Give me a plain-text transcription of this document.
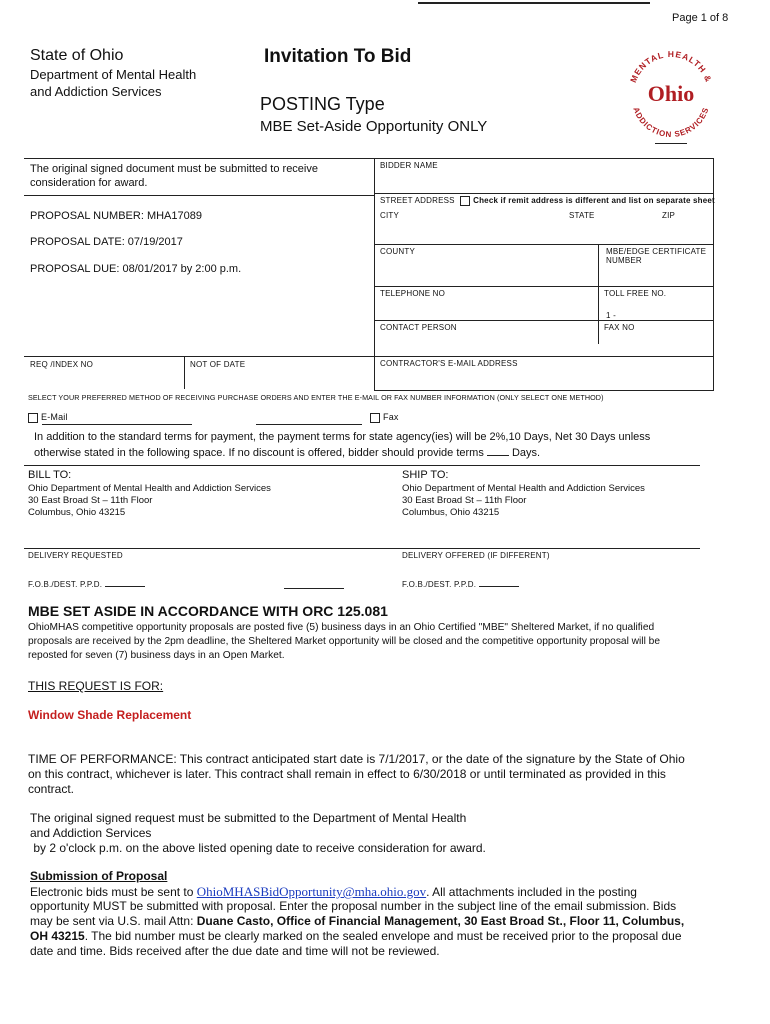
Page 1 of 8
State of Ohio
Department of Mental Health
and Addiction Services
Invitation To Bid
POSTING Type
MBE Set-Aside Opportunity ONLY
MENTAL HEALTH &
ADDICTION SERVICES
Ohio
The original signed document must be submitted to receive
consideration for award.
PROPOSAL NUMBER: MHA17089
PROPOSAL DATE: 07/19/2017
PROPOSAL DUE: 08/01/2017 by 2:00 p.m.
REQ /INDEX NO	NOT OF DATE
BIDDER NAME
STREET ADDRESS Check if remit address is different and list on separate sheet
CITY	STATE	ZIP
COUNTY	MBE/EDGE CERTIFICATE
NUMBER
TELEPHONE NO	TOLL FREE NO.
1 -
CONTACT PERSON	FAX NO
CONTRACTOR'S E-MAIL ADDRESS
SELECT YOUR PREFERRED METHOD OF RECEIVING PURCHASE ORDERS AND ENTER THE E-MAIL OR FAX NUMBER INFORMATION (ONLY SELECT ONE METHOD)
E-Mail	Fax
In addition to the standard terms for payment, the payment terms for state agency(ies) will be 2%,10 Days, Net 30 Days unless
otherwise stated in the following space. If no discount is offered, bidder should provide terms	Days.
BILL TO:
Ohio Department of Mental Health and Addiction Services
30 East Broad St – 11th Floor
Columbus, Ohio 43215
SHIP TO:
Ohio Department of Mental Health and Addiction Services
30 East Broad St – 11th Floor
Columbus, Ohio 43215
DELIVERY REQUESTED	DELIVERY OFFERED (IF DIFFERENT)
F.O.B./DEST. P.P.D.	F.O.B./DEST. P.P.D.
MBE SET ASIDE IN ACCORDANCE WITH ORC 125.081
OhioMHAS competitive opportunity proposals are posted five (5) business days in an Ohio Certified "MBE" Sheltered Market, if no qualified
proposals are received by the 2pm deadline, the Sheltered Market opportunity will be closed and the competitive opportunity proposal will be
reposted for seven (7) business days in an Open Market.
THIS REQUEST IS FOR:
Window Shade Replacement
TIME OF PERFORMANCE: This contract anticipated start date is 7/1/2017, or the date of the signature by the State of Ohio
on this contract, whichever is later. This contract shall remain in effect to 6/30/2018 or until terminated as provided in this
contract.
The original signed request must be submitted to the Department of Mental Health
and Addiction Services
by 2 o'clock p.m. on the above listed opening date to receive consideration for award.
Submission of Proposal
Electronic bids must be sent to OhioMHASBidOpportunity@mha.ohio.gov. All attachments included in the posting
opportunity MUST be submitted with proposal. Enter the proposal number in the subject line of the email submission. Bids
may be sent via U.S. mail Attn: Duane Casto, Office of Financial Management, 30 East Broad St., Floor 11, Columbus,
OH 43215. The bid number must be clearly marked on the sealed envelope and must be received prior to the proposal due
date and time. Bids received after the due date and time will not be reviewed.
